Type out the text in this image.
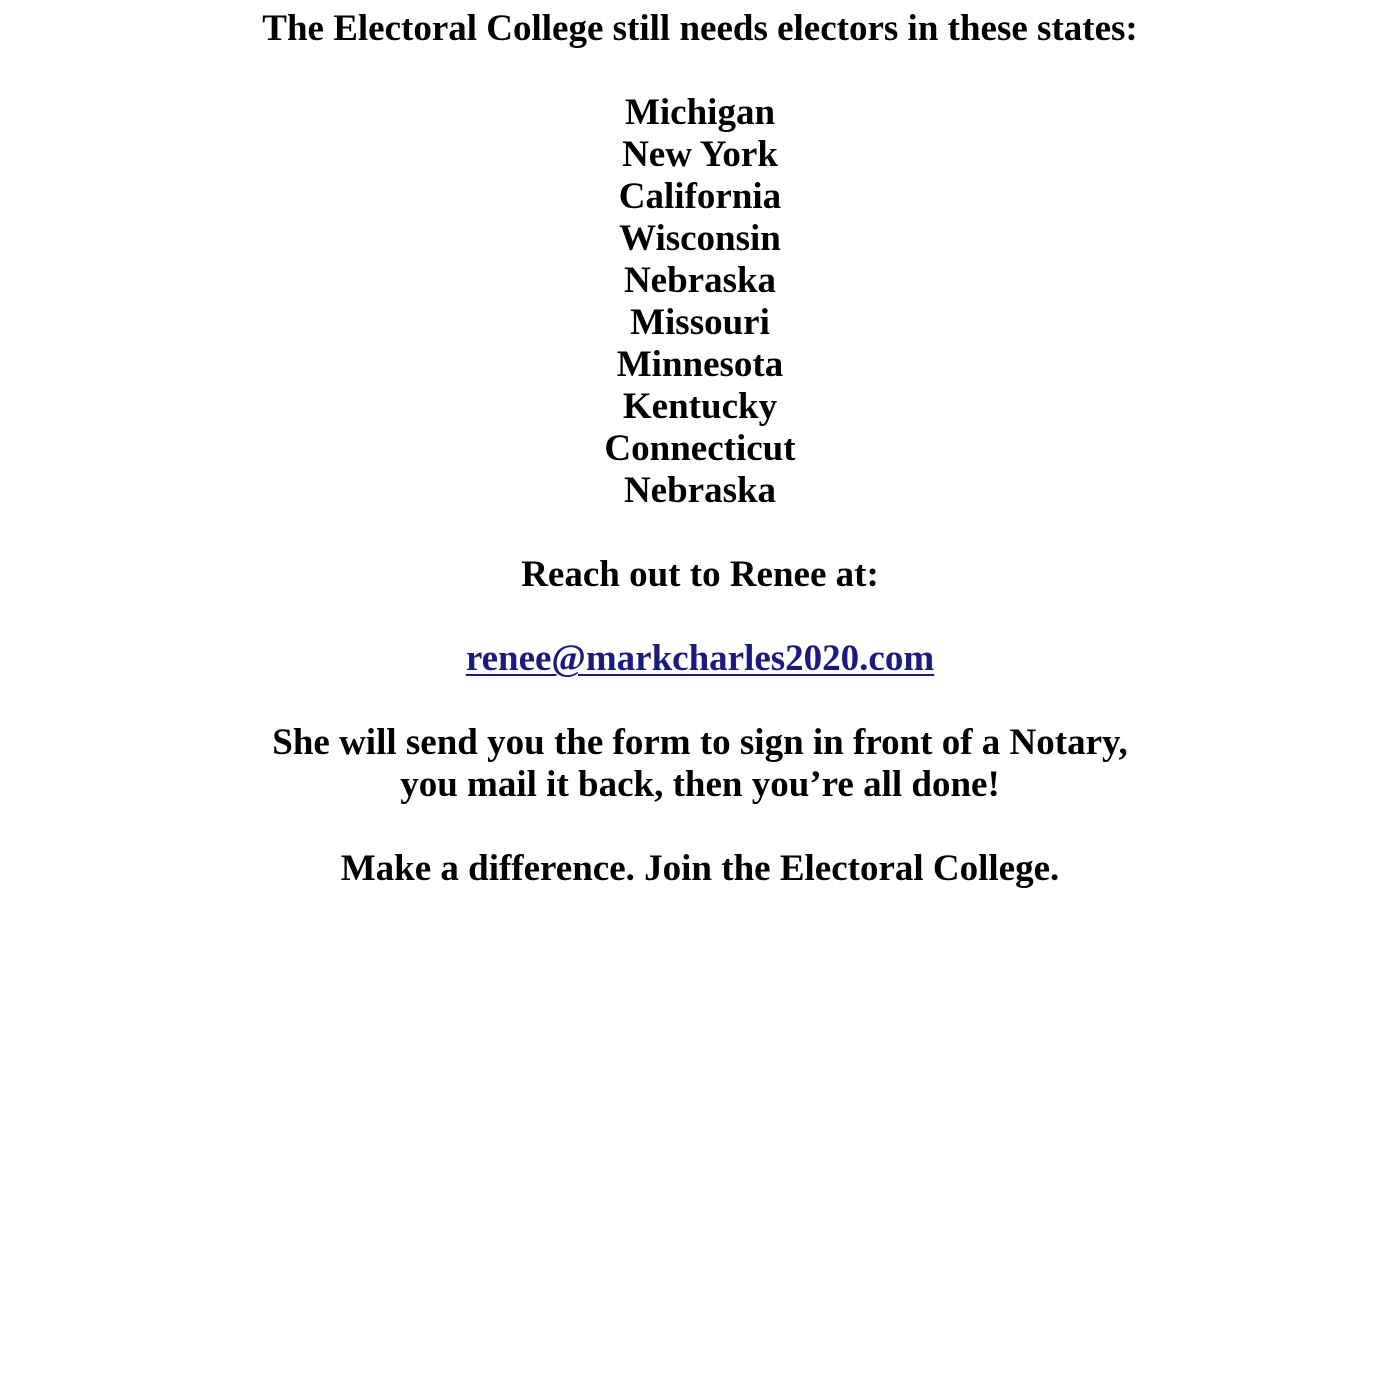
The Electoral College still needs electors in these states:

Michigan
New York
California
Wisconsin
Nebraska
Missouri
Minnesota
Kentucky
Connecticut
Nebraska

Reach out to Renee at:

renee@markcharles2020.com

She will send you the form to sign in front of a Notary,

you mail it back, then you’re all done!

Make a difference. Join the Electoral College.
